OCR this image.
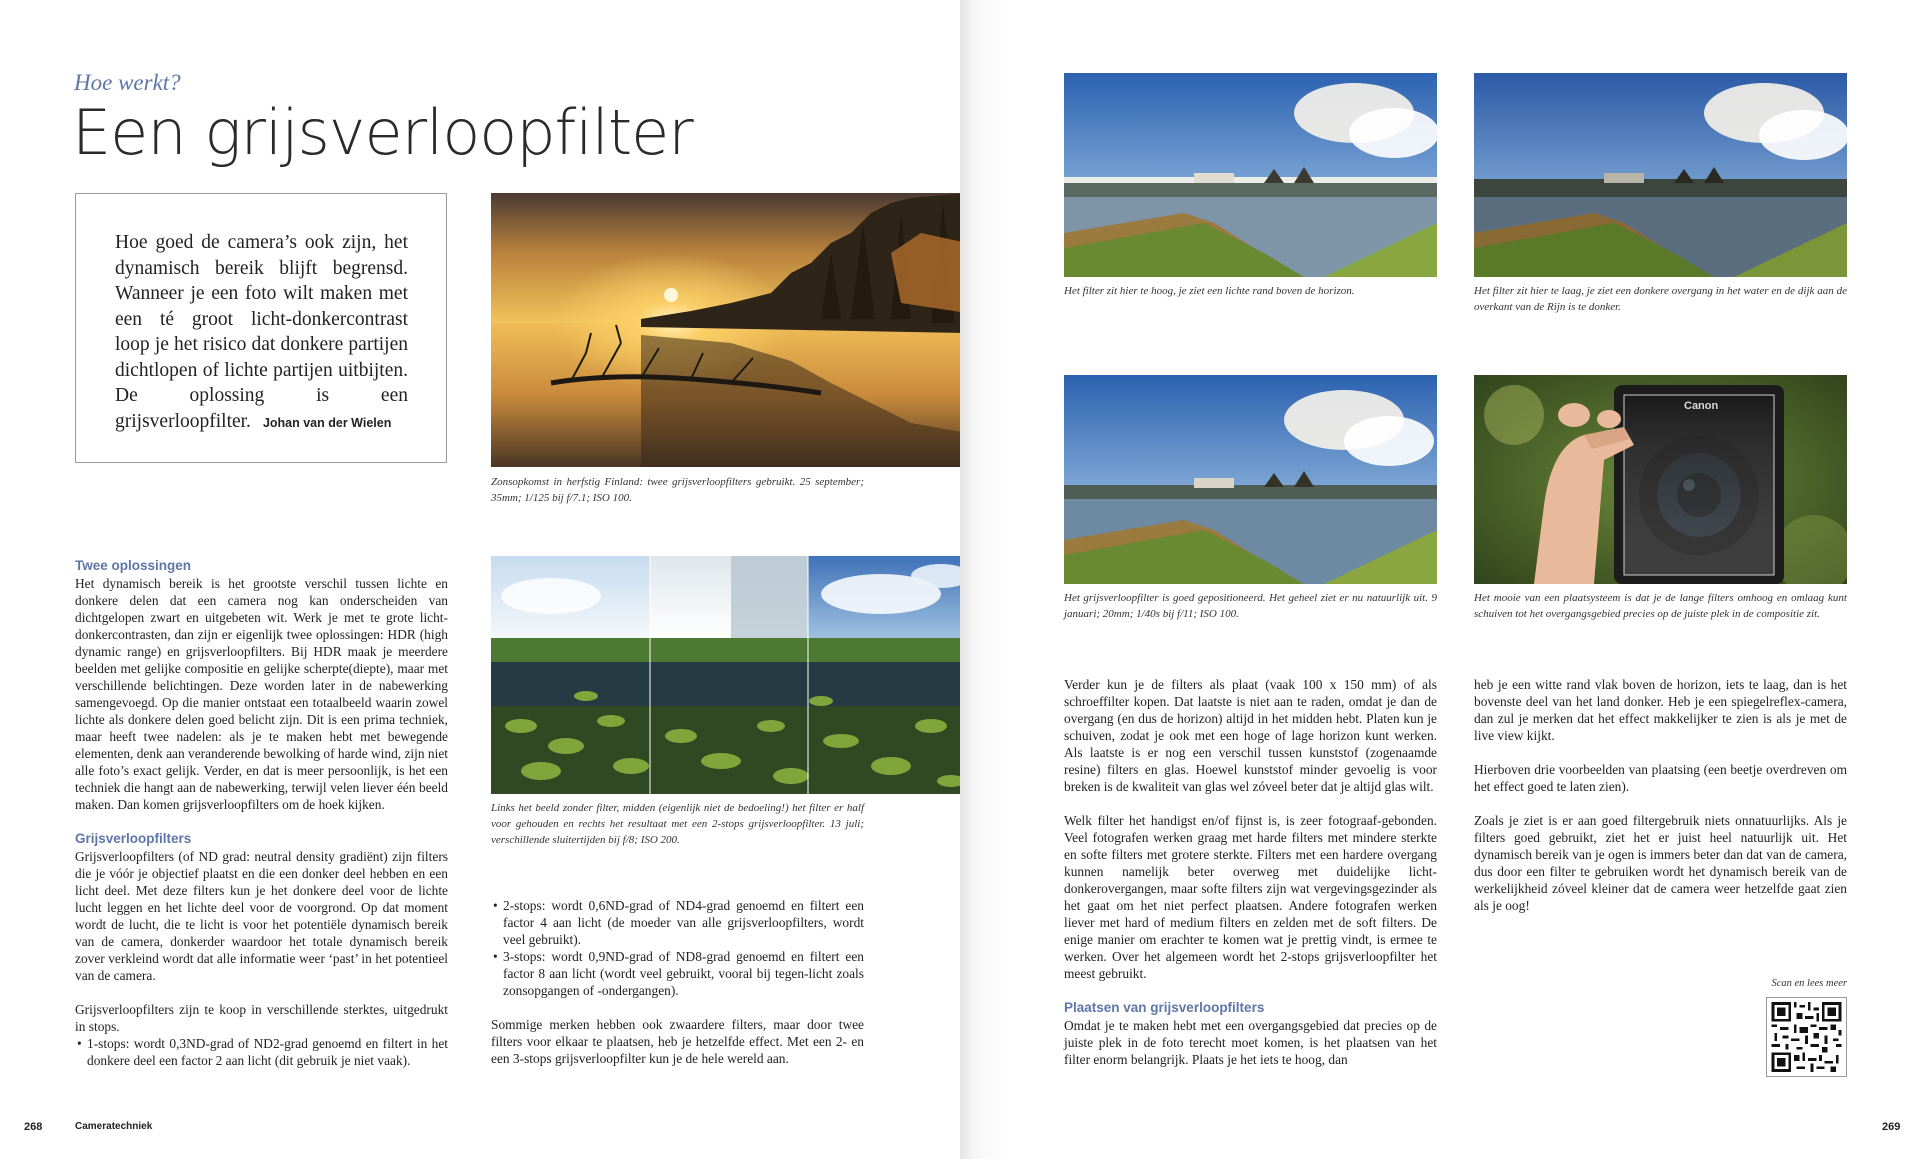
Hoe werkt?
Een grijsverloopfilter

Hoe goed de camera’s ook zijn, het dynamisch bereik blijft begrensd. Wanneer je een foto wilt maken met een té groot licht-donkercontrast loop je het risico dat donkere partijen dichtlopen of lichte partijen uitbijten. De oplossing is een grijsverloopfilter. Johan van der Wielen

Zonsopkomst in herfstig Finland: twee grijsverloopfilters gebruikt. 25 september; 35mm; 1/125 bij f/7.1; ISO 100.

Links het beeld zonder filter, midden (eigenlijk niet de bedoeling!) het filter er half voor gehouden en rechts het resultaat met een 2-stops grijsverloopfilter. 13 juli; verschillende sluitertijden bij f/8; ISO 200.

Twee oplossingen

Het dynamisch bereik is het grootste verschil tussen lichte en donkere delen dat een camera nog kan onderscheiden van dichtgelopen zwart en uitgebeten wit. Werk je met te grote licht-donkercontrasten, dan zijn er eigenlijk twee oplossingen: HDR (high dynamic range) en grijsverloopfilters. Bij HDR maak je meerdere beelden met gelijke compositie en gelijke scherpte(diepte), maar met verschillende belichtingen. Deze worden later in de nabewerking samengevoegd. Op die manier ontstaat een totaalbeeld waarin zowel lichte als donkere delen goed belicht zijn. Dit is een prima techniek, maar heeft twee nadelen: als je te maken hebt met bewegende elementen, denk aan veranderende bewolking of harde wind, zijn niet alle foto’s exact gelijk. Verder, en dat is meer persoonlijk, is het een techniek die hangt aan de nabewerking, terwijl velen liever één beeld maken. Dan komen grijsverloopfilters om de hoek kijken.

Grijsverloopfilters

Grijsverloopfilters (of ND grad: neutral density gradiënt) zijn filters die je vóór je objectief plaatst en die een donker deel hebben en een licht deel. Met deze filters kun je het donkere deel voor de lichte lucht leggen en het lichte deel voor de voorgrond. Op dat moment wordt de lucht, die te licht is voor het potentiële dynamisch bereik van de camera, donkerder waardoor het totale dynamisch bereik zover verkleind wordt dat alle informatie weer ‘past’ in het potentieel van de camera.

Grijsverloopfilters zijn te koop in verschillende sterktes, uitgedrukt in stops.

• 1-stops: wordt 0,3ND-grad of ND2-grad genoemd en filtert in het donkere deel een factor 2 aan licht (dit gebruik je niet vaak).
• 2-stops: wordt 0,6ND-grad of ND4-grad genoemd en filtert een factor 4 aan licht (de moeder van alle grijsverloopfilters, wordt veel gebruikt).
• 3-stops: wordt 0,9ND-grad of ND8-grad genoemd en filtert een factor 8 aan licht (wordt veel gebruikt, vooral bij tegen-licht zoals zonsopgangen of -ondergangen).

Sommige merken hebben ook zwaardere filters, maar door twee filters voor elkaar te plaatsen, heb je hetzelfde effect. Met een 2- en een 3-stops grijsverloopfilter kun je de hele wereld aan.

268	Cameratechniek

Het filter zit hier te hoog, je ziet een lichte rand boven de horizon.	Het filter zit hier te laag, je ziet een donkere overgang in het water en de dijk aan de overkant van de Rijn is te donker.

Het grijsverloopfilter is goed gepositioneerd. Het geheel ziet er nu natuurlijk uit. 9 januari; 20mm; 1/40s bij f/11; ISO 100.

Canon

Het mooie van een plaatsysteem is dat je de lange filters omhoog en omlaag kunt schuiven tot het overgangsgebied precies op de juiste plek in de compositie zit.

Verder kun je de filters als plaat (vaak 100 x 150 mm) of als schroeffilter kopen. Dat laatste is niet aan te raden, omdat je dan de overgang (en dus de horizon) altijd in het midden hebt. Platen kun je schuiven, zodat je ook met een hoge of lage horizon kunt werken. Als laatste is er nog een verschil tussen kunststof (zogenaamde resine) filters en glas. Hoewel kunststof minder gevoelig is voor breken is de kwaliteit van glas wel zóveel beter dat je altijd glas wilt.

Welk filter het handigst en/of fijnst is, is zeer fotograaf-gebonden. Veel fotografen werken graag met harde filters met mindere sterkte en softe filters met grotere sterkte. Filters met een hardere overgang kunnen namelijk beter overweg met duidelijke licht-donkerovergangen, maar softe filters zijn wat vergevingsgezinder als het gaat om het niet perfect plaatsen. Andere fotografen werken liever met hard of medium filters en zelden met de soft filters. De enige manier om erachter te komen wat je prettig vindt, is ermee te werken. Over het algemeen wordt het 2-stops grijsverloopfilter het meest gebruikt.

Plaatsen van grijsverloopfilters

Omdat je te maken hebt met een overgangsgebied dat precies op de juiste plek in de foto terecht moet komen, is het plaatsen van het filter enorm belangrijk. Plaats je het iets te hoog, dan

heb je een witte rand vlak boven de horizon, iets te laag, dan is het bovenste deel van het land donker. Heb je een spiegelreflex-camera, dan zul je merken dat het effect makkelijker te zien is als je met de live view kijkt.

Hierboven drie voorbeelden van plaatsing (een beetje overdreven om het effect goed te laten zien).

Zoals je ziet is er aan goed filtergebruik niets onnatuurlijks. Als je filters goed gebruikt, ziet het er juist heel natuurlijk uit. Het dynamisch bereik van je ogen is immers beter dan dat van de camera, dus door een filter te gebruiken wordt het dynamisch bereik van de werkelijkheid zóveel kleiner dat de camera weer hetzelfde gaat zien als je oog!

Scan en lees meer
269
